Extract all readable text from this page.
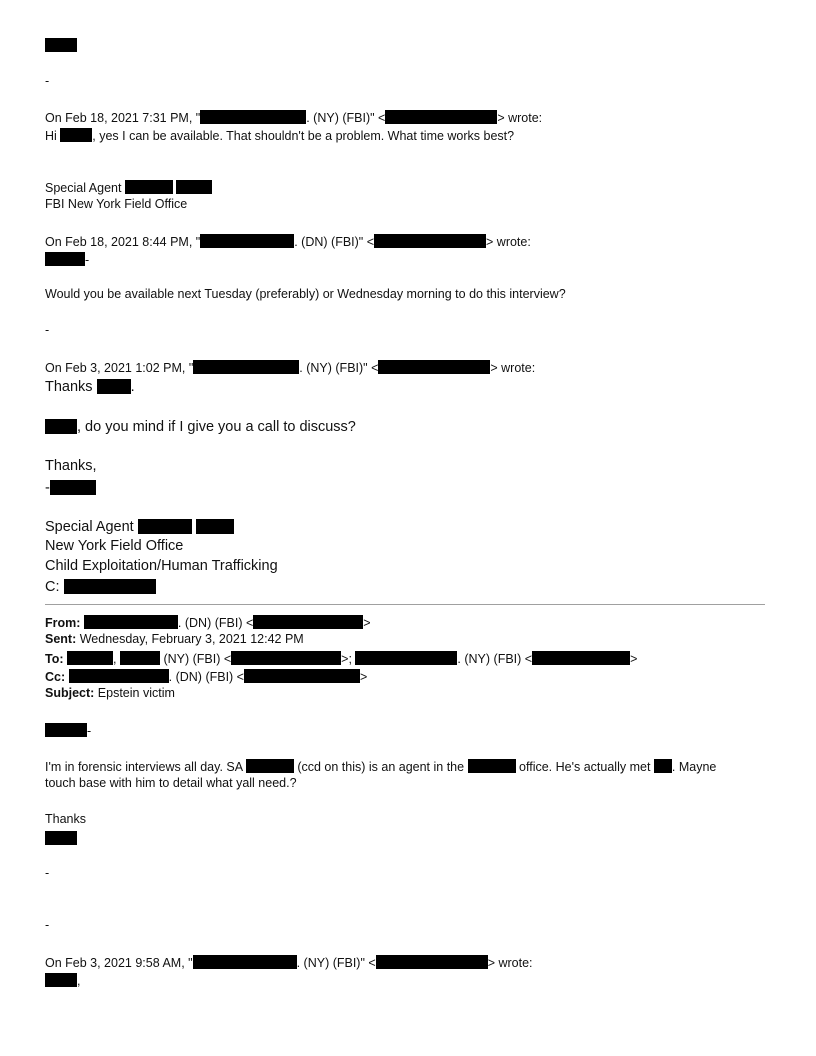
-
On Feb 18, 2021 7:31 PM, "	. (NY) (FBI)" <	> wrote:
Hi	, yes I can be available. That shouldn't be a problem. What time works best?
Special Agent
FBI New York Field Office
On Feb 18, 2021 8:44 PM, "	. (DN) (FBI)" <	> wrote:
-
Would you be available next Tuesday (preferably) or Wednesday morning to do this interview?
-
On Feb 3, 2021 1:02 PM, "	. (NY) (FBI)" <	> wrote:
Thanks .
, do you mind if I give you a call to discuss?
Thanks,
-
Special Agent
New York Field Office
Child Exploitation/Human Trafficking
C:
From:	. (DN) (FBI) <	>
Sent: Wednesday, February 3, 2021 12:42 PM
To:	,	(NY) (FBI) <	>;	. (NY) (FBI) <	>
Cc:	. (DN) (FBI) <	>
Subject: Epstein victim
-
I'm in forensic interviews all day. SA	(ccd on this) is an agent in the	office. He's actually met . Mayne
touch base with him to detail what yall need.?
Thanks
-
-
On Feb 3, 2021 9:58 AM, "	. (NY) (FBI)" <	> wrote:
,
